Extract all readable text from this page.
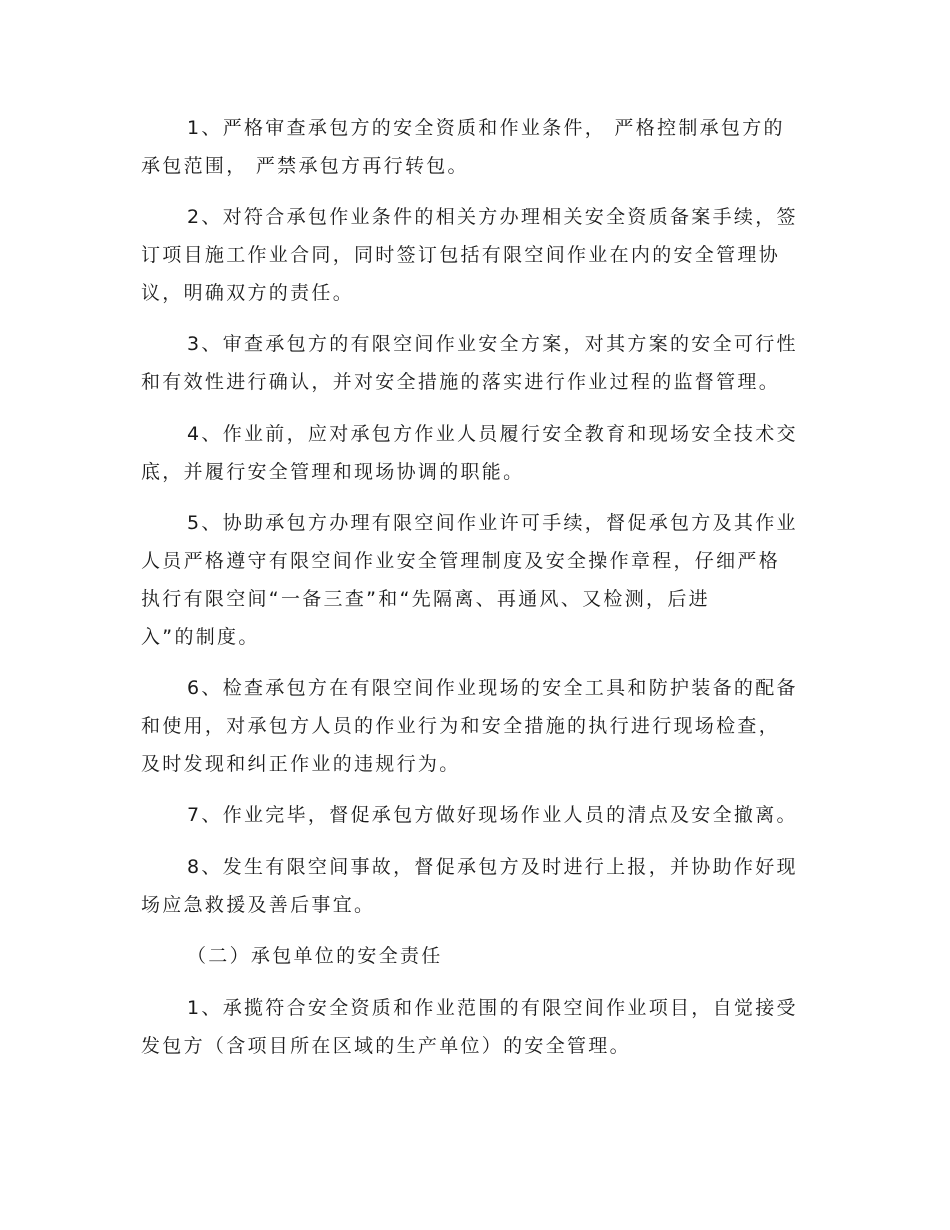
1、严格审查承包方的安全资质和作业条件， 严格控制承包方的
承包范围， 严禁承包方再行转包。
2、对符合承包作业条件的相关方办理相关安全资质备案手续，签
订项目施工作业合同，同时签订包括有限空间作业在内的安全管理协
议，明确双方的责任。
3、审查承包方的有限空间作业安全方案，对其方案的安全可行性
和有效性进行确认，并对安全措施的落实进行作业过程的监督管理。
4、作业前，应对承包方作业人员履行安全教育和现场安全技术交
底，并履行安全管理和现场协调的职能。
5、协助承包方办理有限空间作业许可手续，督促承包方及其作业
人员严格遵守有限空间作业安全管理制度及安全操作章程，仔细严格
执行有限空间“一备三查”和“先隔离、再通风、又检测，后进
入”的制度。
6、检查承包方在有限空间作业现场的安全工具和防护装备的配备
和使用，对承包方人员的作业行为和安全措施的执行进行现场检查，
及时发现和纠正作业的违规行为。
7、作业完毕，督促承包方做好现场作业人员的清点及安全撤离。
8、发生有限空间事故，督促承包方及时进行上报，并协助作好现
场应急救援及善后事宜。
（二）承包单位的安全责任
1、承揽符合安全资质和作业范围的有限空间作业项目，自觉接受
发包方（含项目所在区域的生产单位）的安全管理。
